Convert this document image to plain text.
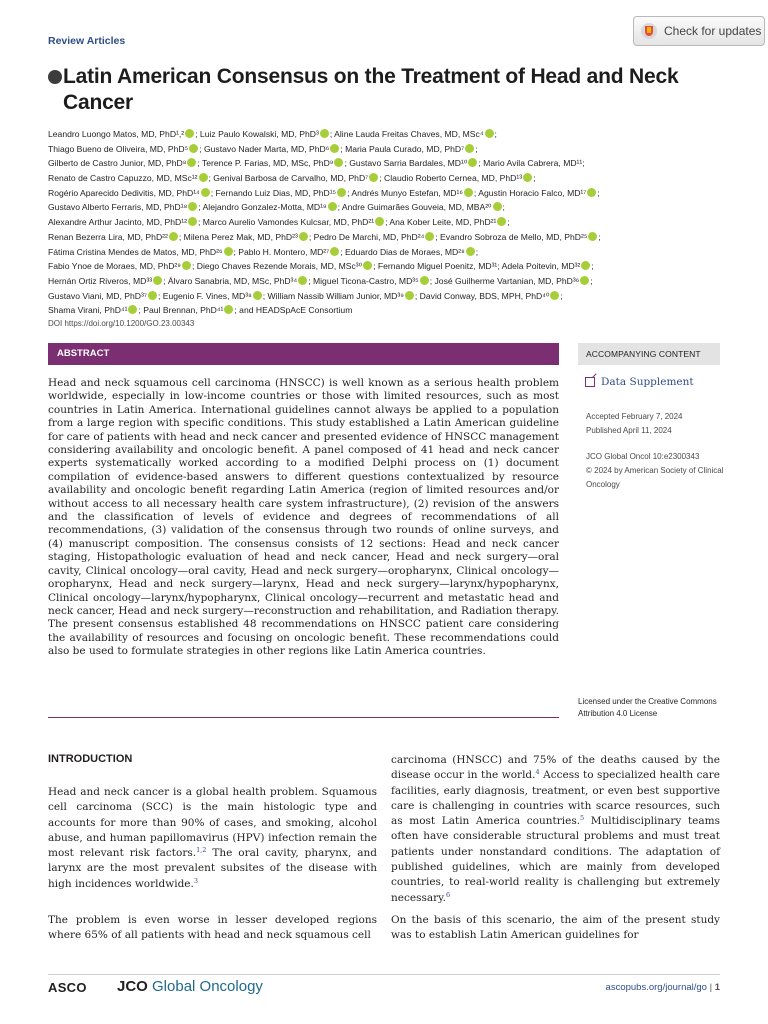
Review Articles
Check for updates
Latin American Consensus on the Treatment of Head and Neck Cancer
Leandro Luongo Matos, MD, PhD¹,² ; Luiz Paulo Kowalski, MD, PhD³ ; Aline Lauda Freitas Chaves, MD, MSc⁴ ;
Thiago Bueno de Oliveira, MD, PhD⁵ ; Gustavo Nader Marta, MD, PhD⁶ ; Maria Paula Curado, MD, PhD⁷ ;
Gilberto de Castro Junior, MD, PhD⁸ ; Terence P. Farias, MD, MSc, PhD⁹ ; Gustavo Sarria Bardales, MD¹⁰ ; Mario Avila Cabrera, MD¹¹;
Renato de Castro Capuzzo, MD, MSc¹² ; Genival Barbosa de Carvalho, MD, PhD⁷ ; Claudio Roberto Cernea, MD, PhD¹³ ;
Rogério Aparecido Dedivitis, MD, PhD¹⁴ ; Fernando Luiz Dias, MD, PhD¹⁵ ; Andrés Munyo Estefan, MD¹⁶ ; Agustin Horacio Falco, MD¹⁷ ;
Gustavo Alberto Ferraris, MD, PhD¹⁸ ; Alejandro Gonzalez-Motta, MD¹⁹ ; Andre Guimarães Gouveia, MD, MBA²⁰ ;
Alexandre Arthur Jacinto, MD, PhD¹² ; Marco Aurelio Vamondes Kulcsar, MD, PhD²¹ ; Ana Kober Leite, MD, PhD²¹ ;
Renan Bezerra Lira, MD, PhD²² ; Milena Perez Mak, MD, PhD²³ ; Pedro De Marchi, MD, PhD²⁴ ; Evandro Sobroza de Mello, MD, PhD²⁵ ;
Fátima Cristina Mendes de Matos, MD, PhD²⁶ ; Pablo H. Montero, MD²⁷ ; Eduardo Dias de Moraes, MD²⁸ ;
Fabio Ynoe de Moraes, MD, PhD²⁹ ; Diego Chaves Rezende Morais, MD, MSc³⁰ ; Fernando Miguel Poenitz, MD³¹; Adela Poitevin, MD³² ;
Hernán Ortiz Riveros, MD³³ ; Álvaro Sanabria, MD, MSc, PhD³⁴ ; Miguel Ticona-Castro, MD³⁵ ; José Guilherme Vartanian, MD, PhD³⁶ ;
Gustavo Viani, MD, PhD³⁷ ; Eugenio F. Vines, MD³⁸ ; William Nassib William Junior, MD³⁹ ; David Conway, BDS, MPH, PhD⁴⁰ ;
Shama Virani, PhD⁴¹ ; Paul Brennan, PhD⁴¹ ; and HEADSpAcE Consortium
DOI https://doi.org/10.1200/GO.23.00343
ABSTRACT
Head and neck squamous cell carcinoma (HNSCC) is well known as a serious health problem worldwide, especially in low-income countries or those with limited resources, such as most countries in Latin America. International guidelines cannot always be applied to a population from a large region with specific conditions. This study established a Latin American guideline for care of patients with head and neck cancer and presented evidence of HNSCC management considering availability and oncologic benefit. A panel composed of 41 head and neck cancer experts systematically worked according to a modified Delphi process on (1) document compilation of evidence-based answers to different questions contextualized by resource availability and oncologic benefit regarding Latin America (region of limited resources and/or without access to all necessary health care system infrastructure), (2) revision of the answers and the classification of levels of evidence and degrees of recommendations of all recommendations, (3) validation of the consensus through two rounds of online surveys, and (4) manuscript composition. The consensus consists of 12 sections: Head and neck cancer staging, Histopathologic evaluation of head and neck cancer, Head and neck surgery—oral cavity, Clinical oncology—oral cavity, Head and neck surgery—oropharynx, Clinical oncology—oropharynx, Head and neck surgery—larynx, Head and neck surgery—larynx/hypopharynx, Clinical oncology—larynx/hypopharynx, Clinical oncology—recurrent and metastatic head and neck cancer, Head and neck surgery—reconstruction and rehabilitation, and Radiation therapy. The present consensus established 48 recommendations on HNSCC patient care considering the availability of resources and focusing on oncologic benefit. These recommendations could also be used to formulate strategies in other regions like Latin America countries.
ACCOMPANYING CONTENT
Data Supplement
Accepted February 7, 2024
Published April 11, 2024
JCO Global Oncol 10:e2300343
© 2024 by American Society of Clinical Oncology
Licensed under the Creative Commons Attribution 4.0 License
INTRODUCTION
Head and neck cancer is a global health problem. Squamous cell carcinoma (SCC) is the main histologic type and accounts for more than 90% of cases, and smoking, alcohol abuse, and human papillomavirus (HPV) infection remain the most relevant risk factors.$^{1,2}$ The oral cavity, pharynx, and larynx are the most prevalent subsites of the disease with high incidences worldwide.$^3$
The problem is even worse in lesser developed regions where 65% of all patients with head and neck squamous cell
carcinoma (HNSCC) and 75% of the deaths caused by the disease occur in the world.$^4$ Access to specialized health care facilities, early diagnosis, treatment, or even best supportive care is challenging in countries with scarce resources, such as most Latin America countries.$^5$ Multidisciplinary teams often have considerable structural problems and must treat patients under nonstandard conditions. The adaptation of published guidelines, which are mainly from developed countries, to real-world reality is challenging but extremely necessary.$^6$
On the basis of this scenario, the aim of the present study was to establish Latin American guidelines for
ASCO JCO Global Oncology	ascopubs.org/journal/go | 1
